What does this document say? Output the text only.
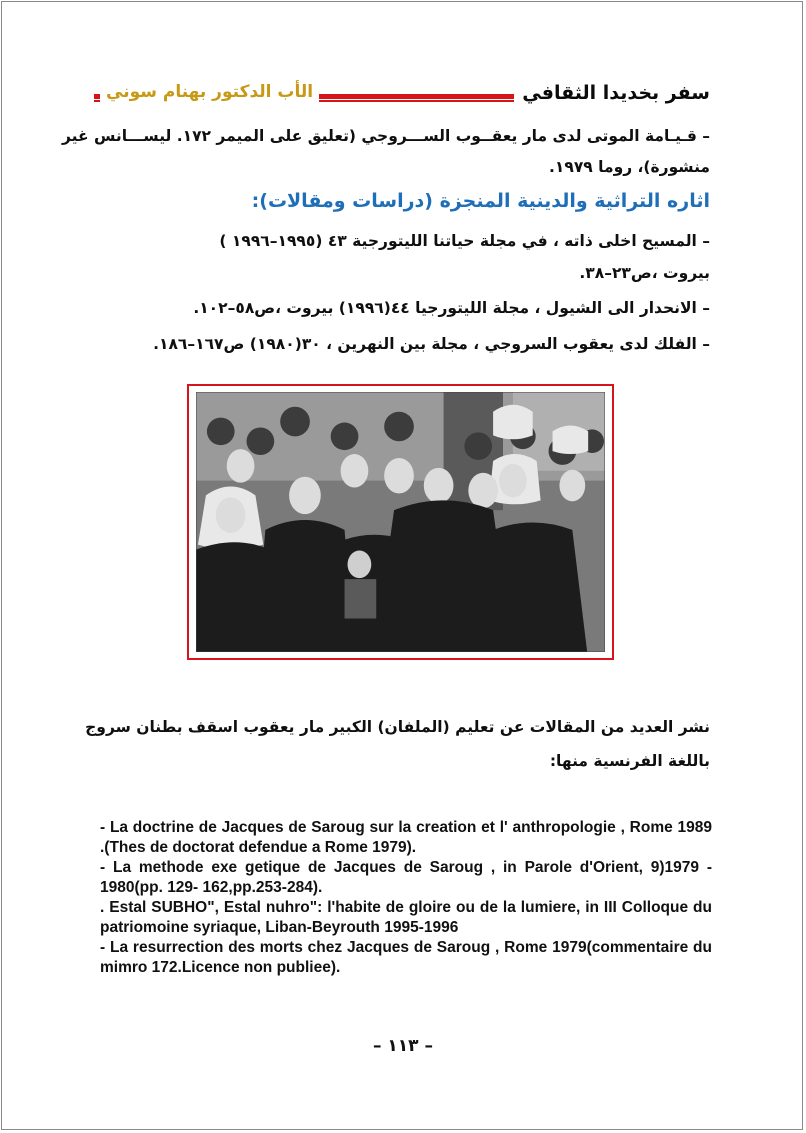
سفر بخديدا الثقافي
الأب الدكتور بهنام سوني
– قـيـامة الموتى لدى مار يعقــوب الســـروجي (تعليق على الميمر ١٧٢. ليســـانس غير
منشورة)، روما ١٩٧٩.
اثاره التراثية والدينية المنجزة (دراسات ومقالات):
– المسيح اخلى ذاته ، في مجلة حياتنا الليتورجية ٤٣ (١٩٩٥–١٩٩٦ )
بيروت ،ص٢٣–٣٨.
– الانحدار الى الشيول ، مجلة الليتورجيا ٤٤(١٩٩٦) بيروت ،ص٥٨–١٠٢.
– الفلك لدى يعقوب السروجي ، مجلة بين النهرين ، ٣٠(١٩٨٠) ص١٦٧–١٨٦.
نشر العديد من المقالات عن تعليم (الملفان) الكبير مار يعقوب اسقف بطنان سروج
باللغة الفرنسية منها:

- La doctrine de Jacques de Saroug sur la creation et l' anthropologie , Rome 1989 .(Thes de doctorat defendue a Rome 1979).

- La methode exe getique de Jacques de Saroug , in Parole d'Orient, 9)1979 - 1980(pp. 129- 162,pp.253-284).

. Estal SUBHO", Estal nuhro": l'habite de gloire ou de la lumiere, in III Colloque du patriomoine syriaque, Liban-Beyrouth 1995-1996

- La resurrection des morts chez Jacques de Saroug , Rome 1979(commentaire du mimro 172.Licence non publiee).

– ١١٣ –
